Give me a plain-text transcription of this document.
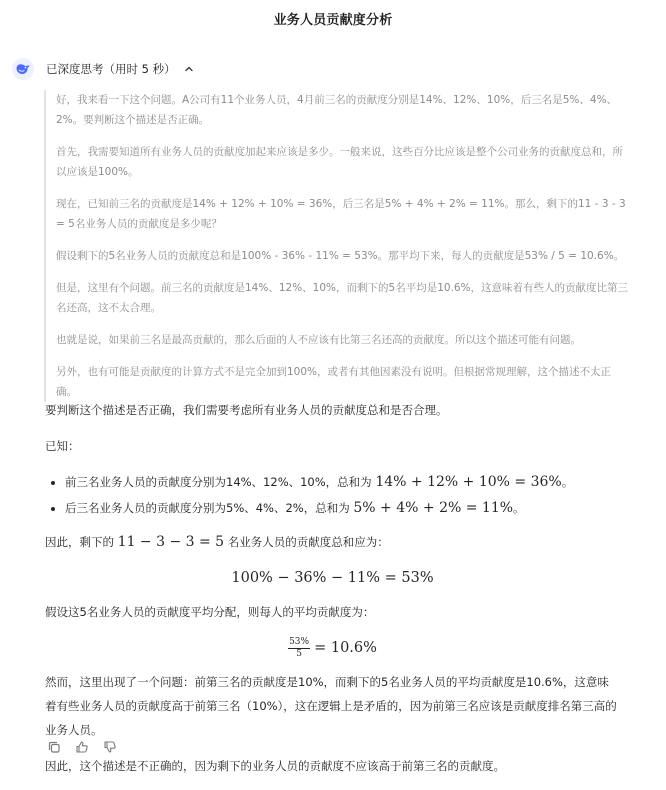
业务人员贡献度分析
已深度思考（用时 5 秒）

好，我来看一下这个问题。A公司有11个业务人员，4月前三名的贡献度分别是14%、12%、10%，后三名是5%、4%、2%。要判断这个描述是否正确。

首先，我需要知道所有业务人员的贡献度加起来应该是多少。一般来说，这些百分比应该是整个公司业务的贡献度总和，所以应该是100%。

现在，已知前三名的贡献度是14% + 12% + 10% = 36%，后三名是5% + 4% + 2% = 11%。那么，剩下的11 - 3 - 3 = 5名业务人员的贡献度是多少呢？

假设剩下的5名业务人员的贡献度总和是100% - 36% - 11% = 53%。那平均下来，每人的贡献度是53% / 5 = 10.6%。

但是，这里有个问题。前三名的贡献度是14%、12%、10%，而剩下的5名平均是10.6%，这意味着有些人的贡献度比第三名还高，这不太合理。

也就是说，如果前三名是最高贡献的，那么后面的人不应该有比第三名还高的贡献度。所以这个描述可能有问题。

另外，也有可能是贡献度的计算方式不是完全加到100%，或者有其他因素没有说明。但根据常规理解，这个描述不太正确。

要判断这个描述是否正确，我们需要考虑所有业务人员的贡献度总和是否合理。

已知：

• 前三名业务人员的贡献度分别为14%、12%、10%，总和为 14% + 12% + 10% = 36%。
• 后三名业务人员的贡献度分别为5%、4%、2%，总和为 5% + 4% + 2% = 11%。

因此，剩下的 11 − 3 − 3 = 5 名业务人员的贡献度总和应为：

100% − 36% − 11% = 53%

假设这5名业务人员的贡献度平均分配，则每人的平均贡献度为：

$\frac{53\%}{5} = 10.6\%$

然而，这里出现了一个问题：前第三名的贡献度是10%，而剩下的5名业务人员的平均贡献度是10.6%，这意味着有些业务人员的贡献度高于前第三名（10%），这在逻辑上是矛盾的，因为前第三名应该是贡献度排名第三高的业务人员。

因此，这个描述是不正确的，因为剩下的业务人员的贡献度不应该高于前第三名的贡献度。
